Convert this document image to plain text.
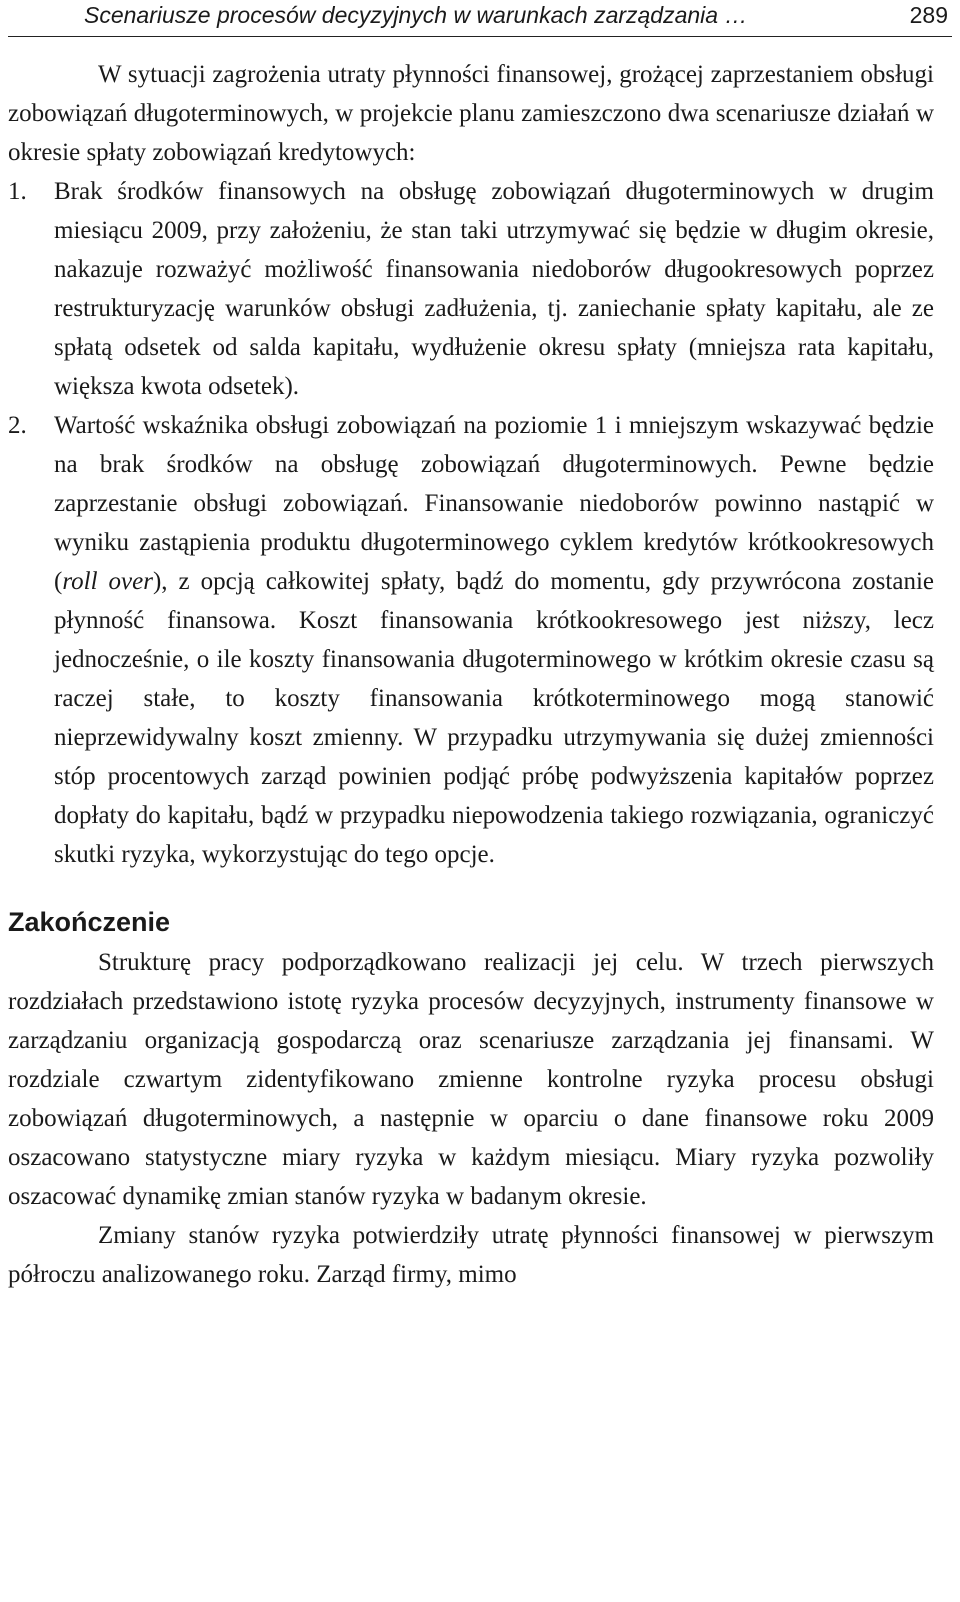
Scenariusze procesów decyzyjnych w warunkach zarządzania …	289

W sytuacji zagrożenia utraty płynności finansowej, grożącej zaprzestaniem obsługi zobowiązań długoterminowych, w projekcie planu zamieszczono dwa scenariusze działań w okresie spłaty zobowiązań kredytowych:

1. Brak środków finansowych na obsługę zobowiązań długoterminowych w drugim miesiącu 2009, przy założeniu, że stan taki utrzymywać się będzie w długim okresie, nakazuje rozważyć możliwość finansowania niedoborów długookresowych poprzez restrukturyzację warunków obsługi zadłużenia, tj. zaniechanie spłaty kapitału, ale ze spłatą odsetek od salda kapitału, wydłużenie okresu spłaty (mniejsza rata kapitału, większa kwota odsetek).

2. Wartość wskaźnika obsługi zobowiązań na poziomie 1 i mniejszym wskazywać będzie na brak środków na obsługę zobowiązań długoterminowych. Pewne będzie zaprzestanie obsługi zobowiązań. Finansowanie niedoborów powinno nastąpić w wyniku zastąpienia produktu długoterminowego cyklem kredytów krótkookresowych (roll over), z opcją całkowitej spłaty, bądź do momentu, gdy przywrócona zostanie płynność finansowa. Koszt finansowania krótkookresowego jest niższy, lecz jednocześnie, o ile koszty finansowania długoterminowego w krótkim okresie czasu są raczej stałe, to koszty finansowania krótkoterminowego mogą stanowić nieprzewidywalny koszt zmienny. W przypadku utrzymywania się dużej zmienności stóp procentowych zarząd powinien podjąć próbę podwyższenia kapitałów poprzez dopłaty do kapitału, bądź w przypadku niepowodzenia takiego rozwiązania, ograniczyć skutki ryzyka, wykorzystując do tego opcje.

Zakończenie

Strukturę pracy podporządkowano realizacji jej celu. W trzech pierwszych rozdziałach przedstawiono istotę ryzyka procesów decyzyjnych, instrumenty finansowe w zarządzaniu organizacją gospodarczą oraz scenariusze zarządzania jej finansami. W rozdziale czwartym zidentyfikowano zmienne kontrolne ryzyka procesu obsługi zobowiązań długoterminowych, a następnie w oparciu o dane finansowe roku 2009 oszacowano statystyczne miary ryzyka w każdym miesiącu. Miary ryzyka pozwoliły oszacować dynamikę zmian stanów ryzyka w badanym okresie.

Zmiany stanów ryzyka potwierdziły utratę płynności finansowej w pierwszym półroczu analizowanego roku. Zarząd firmy, mimo
